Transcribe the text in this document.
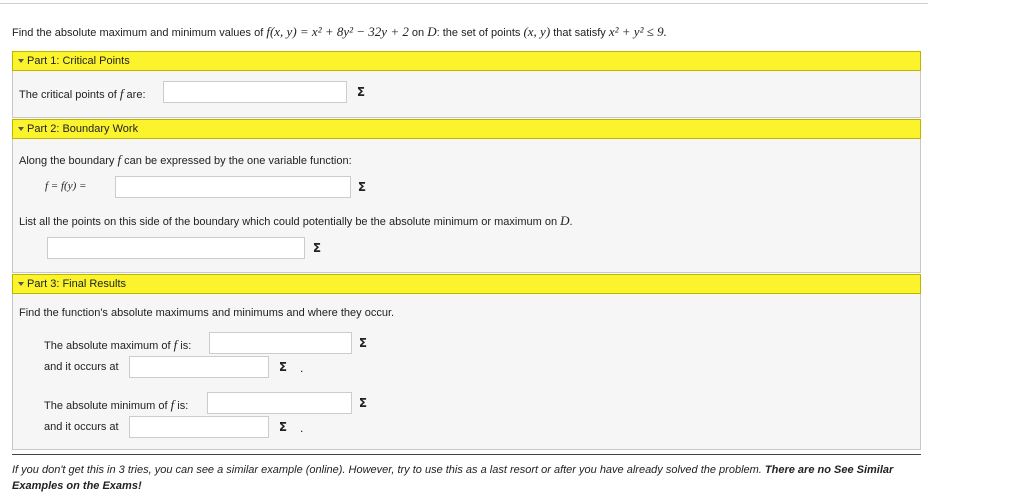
Find the absolute maximum and minimum values of f(x, y) = x² + 8y² − 32y + 2 on D: the set of points (x, y) that satisfy x² + y² ≤ 9.
Part 1: Critical Points
The critical points of f are:	Σ
Part 2: Boundary Work
Along the boundary f can be expressed by the one variable function:
f = f(y) =	Σ
List all the points on this side of the boundary which could potentially be the absolute minimum or maximum on D.
Σ
Part 3: Final Results
Find the function's absolute maximums and minimums and where they occur.
The absolute maximum of f is:	Σ
and it occurs at	Σ	.
The absolute minimum of f is:	Σ
and it occurs at	Σ	.
If you don't get this in 3 tries, you can see a similar example (online). However, try to use this as a last resort or after you have already solved the problem. There are no See Similar Examples on the Exams!
